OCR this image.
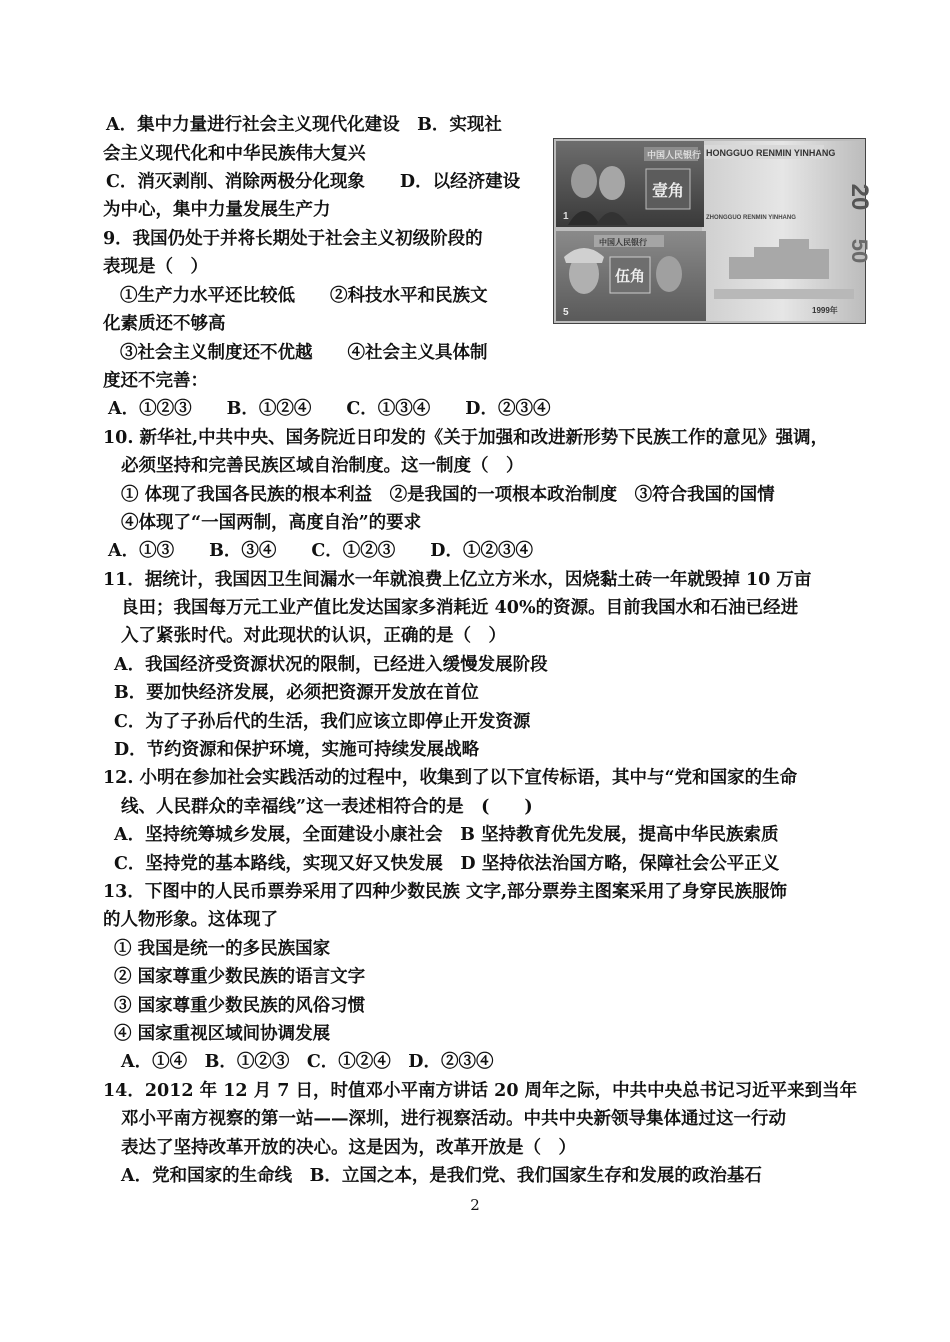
A．集中力量进行社会主义现代化建设　B．实现社
会主义现代化和中华民族伟大复兴
C．消灭剥削、消除两极分化现象　　D．以经济建设
为中心，集中力量发展生产力
9．我国仍处于并将长期处于社会主义初级阶段的
表现是（　）
①生产力水平还比较低　　②科技水平和民族文
化素质还不够高
③社会主义制度还不优越　　④社会主义具体制
度还不完善：
A．①②③　　B．①②④　　C．①③④　　D．②③④
10. 新华社,中共中央、国务院近日印发的《关于加强和改进新形势下民族工作的意见》强调，
必须坚持和完善民族区域自治制度。这一制度（　）
① 体现了我国各民族的根本利益　②是我国的一项根本政治制度　③符合我国的国情
④体现了“一国两制，高度自治”的要求
A．①③　　B．③④　　C．①②③　　D．①②③④
11．据统计，我国因卫生间漏水一年就浪费上亿立方米水，因烧黏土砖一年就毁掉 10 万亩
良田；我国每万元工业产值比发达国家多消耗近 40%的资源。目前我国水和石油已经进
入了紧张时代。对此现状的认识，正确的是（　）
A．我国经济受资源状况的限制，已经进入缓慢发展阶段
B．要加快经济发展，必须把资源开发放在首位
C．为了子孙后代的生活，我们应该立即停止开发资源
D．节约资源和保护环境，实施可持续发展战略
12. 小明在参加社会实践活动的过程中，收集到了以下宣传标语，其中与“党和国家的生命
线、人民群众的幸福线”这一表述相符合的是　(　　)
A．坚持统筹城乡发展，全面建设小康社会　B 坚持教育优先发展，提高中华民族索质
C．坚持党的基本路线，实现又好又快发展　D 坚持依法治国方略，保障社会公平正义
13．下图中的人民币票券采用了四种少数民族 文字,部分票券主图案采用了身穿民族服饰
的人物形象。这体现了
① 我国是统一的多民族国家
② 国家尊重少数民族的语言文字
③ 国家尊重少数民族的风俗习惯
④ 国家重视区域间协调发展
A．①④　B．①②③　C．①②④　D．②③④
14．2012 年 12 月 7 日，时值邓小平南方讲话 20 周年之际，中共中央总书记习近平来到当年
邓小平南方视察的第一站——深圳，进行视察活动。中共中央新领导集体通过这一行动
表达了坚持改革开放的决心。这是因为，改革开放是（　）
A．党和国家的生命线　B．立国之本，是我们党、我们国家生存和发展的政治基石
2
HONGGUO RENMIN YINHANG
ZHONGGUO RENMIN YINHANG
20
50
1999年
中国人民银行
壹角
1
中国人民银行
伍角
5
